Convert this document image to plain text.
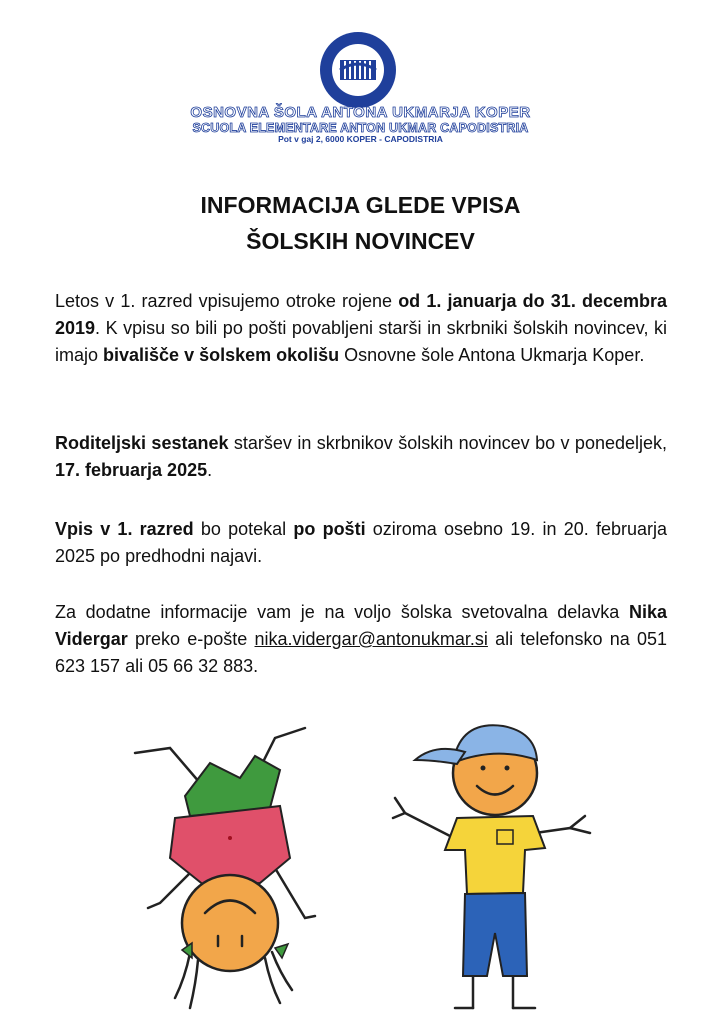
OSNOVNA ŠOLA ANTONA UKMARJA KOPER
SCUOLA ELEMENTARE ANTON UKMAR CAPODISTRIA
Pot v gaj 2, 6000 KOPER - CAPODISTRIA
INFORMACIJA GLEDE VPISA
ŠOLSKIH NOVINCEV
Letos v 1. razred vpisujemo otroke rojene od 1. januarja do 31. decembra 2019. K vpisu so bili po pošti povabljeni starši in skrbniki šolskih novincev, ki imajo bivališče v šolskem okolišu Osnovne šole Antona Ukmarja Koper.
Roditeljski sestanek staršev in skrbnikov šolskih novincev bo v ponedeljek, 17. februarja 2025.
Vpis v 1. razred bo potekal po pošti oziroma osebno 19. in 20. februarja 2025 po predhodni najavi.
Za dodatne informacije vam je na voljo šolska svetovalna delavka Nika Vidergar preko e-pošte nika.vidergar@antonukmar.si ali telefonsko na 051 623 157 ali 05 66 32 883.
